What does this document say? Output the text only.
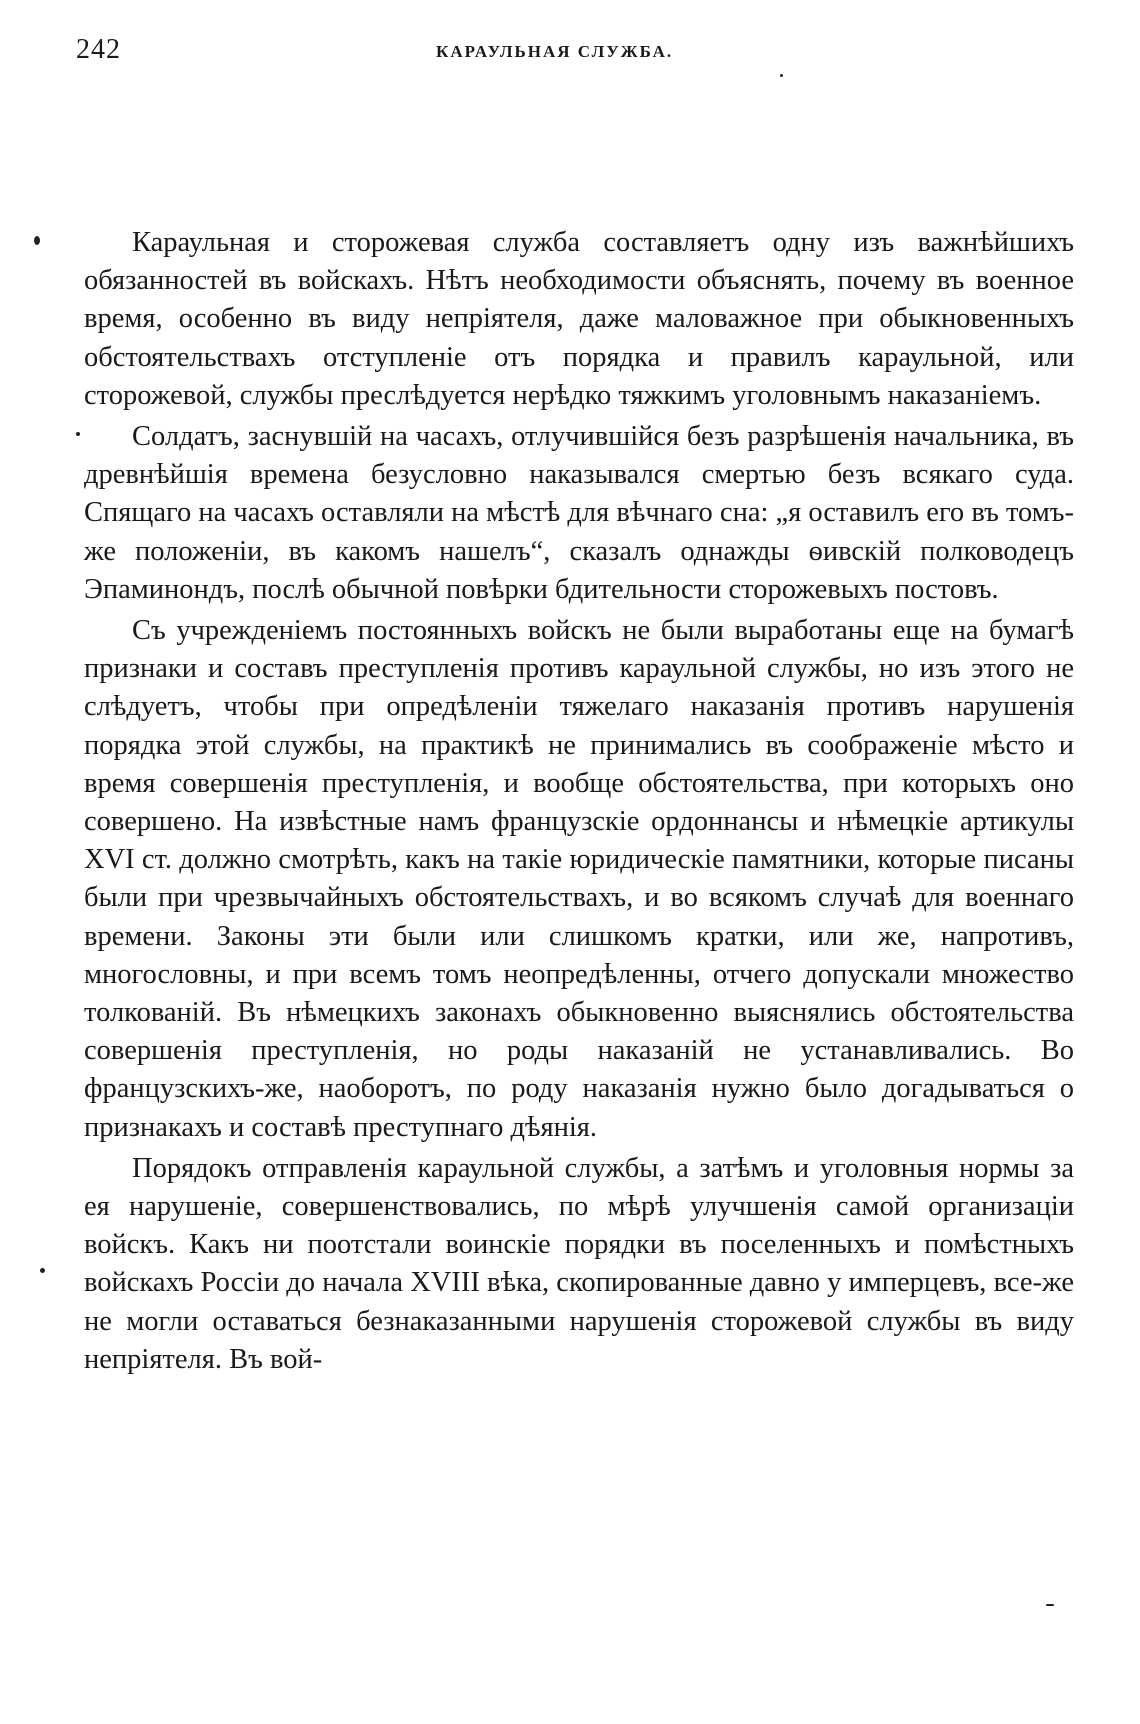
242	КАРАУЛЬНАЯ СЛУЖБА.

Караульная и сторожевая служба составляетъ одну изъ важнѣйшихъ обязанностей въ войскахъ. Нѣтъ необходимости объяснять, почему въ военное время, особенно въ виду непріятеля, даже маловажное при обыкновенныхъ обстоятельствахъ отступленіе отъ порядка и правилъ караульной, или сторожевой, службы преслѣдуется нерѣдко тяжкимъ уголовнымъ наказаніемъ.

Солдатъ, заснувшій на часахъ, отлучившійся безъ разрѣшенія начальника, въ древнѣйшія времена безусловно наказывался смертью безъ всякаго суда. Спящаго на часахъ оставляли на мѣстѣ для вѣчнаго сна: „я оставилъ его въ томъ-же положеніи, въ какомъ нашелъ“, сказалъ однажды ѳивскій полководецъ Эпаминондъ, послѣ обычной повѣрки бдительности сторожевыхъ постовъ.

Съ учрежденіемъ постоянныхъ войскъ не были выработаны еще на бумагѣ признаки и составъ преступленія противъ караульной службы, но изъ этого не слѣдуетъ, чтобы при опредѣленіи тяжелаго наказанія противъ нарушенія порядка этой службы, на практикѣ не принимались въ соображеніе мѣсто и время совершенія преступленія, и вообще обстоятельства, при которыхъ оно совершено. На извѣстные намъ французскіе ордоннансы и нѣмецкіе артикулы XVI ст. должно смотрѣть, какъ на такіе юридическіе памятники, которые писаны были при чрезвычайныхъ обстоятельствахъ, и во всякомъ случаѣ для военнаго времени. Законы эти были или слишкомъ кратки, или же, напротивъ, многословны, и при всемъ томъ неопредѣленны, отчего допускали множество толкованій. Въ нѣмецкихъ законахъ обыкновенно выяснялись обстоятельства совершенія преступленія, но роды наказаній не устанавливались. Во французскихъ-же, наоборотъ, по роду наказанія нужно было догадываться о признакахъ и составѣ преступнаго дѣянія.

Порядокъ отправленія караульной службы, а затѣмъ и уголовныя нормы за ея нарушеніе, совершенствовались, по мѣрѣ улучшенія самой организаціи войскъ. Какъ ни поотстали воинскіе порядки въ поселенныхъ и помѣстныхъ войскахъ Россіи до начала XVIII вѣка, скопированные давно у имперцевъ, все-же не могли оставаться безнаказанными нарушенія сторожевой службы въ виду непріятеля. Въ вой-
